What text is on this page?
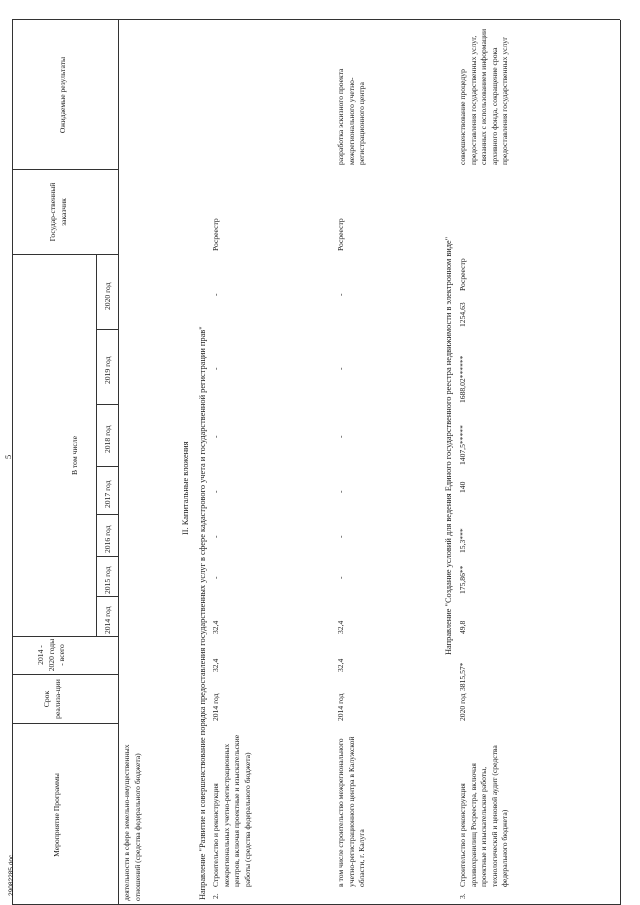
5
Мероприятие Программы
Срок реализа-ции
2014 - 2020 годы - всего
В том числе
2014 год
2015 год
2016 год
2017 год
2018 год
2019 год
2020 год
Государ-ственный заказчик
Ожидаемые результаты
деятельности в сфере земельно-имущественных отношений (средства федерального бюджета)
II. Капитальные вложения Направление "Развитие и совершенствование порядка предоставления государственных услуг в сфере кадастрового учета и государственной регистрации прав" 2.
Строительство и реконструкция межрегиональных учетно-регистрационных центров, включая проектные и изыскательские работы (средства федерального бюджета)
2014 год
32,4
32,4
-
-
-
-
-
-
Росреестр
в том числе строительство межрегионального учетно-регистрационного центра в Калужской области, г. Калуга
2014 год
32,4
32,4
-
-
-
-
-
-
Росреестр
разработка эскизного проекта межрегионального учетно-регистрационного центра
Направление "Создание условий для ведения Единого государственного реестра недвижимости в электронном виде"
3.
Строительство и реконструкция архивохранилищ Росреестра, включая проектные и изыскательские работы, технологический и ценовой аудит (средства федерального бюджета)
2020 год
3815,57*
49,8
175,86**
15,3***
140
1407,5*****
1688,02******
1254,63
Росреестр
совершенствование процедур предоставления государственных услуг, связанных с использованием информации архивного фонда, сокращение срока предоставления государственных услуг
29082285.doc
